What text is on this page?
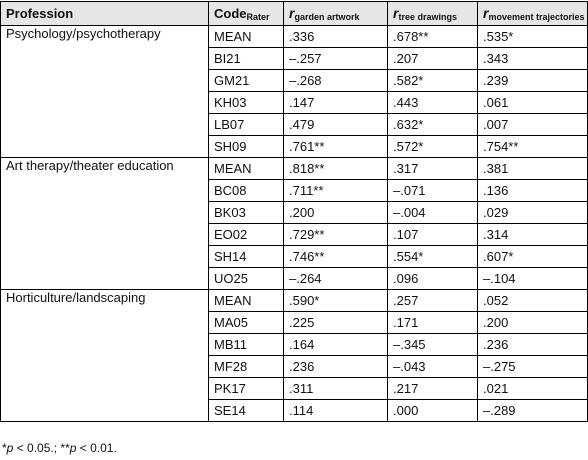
Profession	Code$_{Rater}$	$r_{garden artwork}$	$r_{tree drawings}$	$r_{movement trajectories}$
Psychology/psychotherapy	MEAN	.336	.678**	.535*
	BI21	–.257	.207	.343
	GM21	–.268	.582*	.239
	KH03	.147	.443	.061
	LB07	.479	.632*	.007
	SH09	.761**	.572*	.754**
Art therapy/theater education	MEAN	.818**	.317	.381
	BC08	.711**	–.071	.136
	BK03	.200	–.004	.029
	EO02	.729**	.107	.314
	SH14	.746**	.554*	.607*
	UO25	–.264	.096	–.104
Horticulture/landscaping	MEAN	.590*	.257	.052
	MA05	.225	.171	.200
	MB11	.164	–.345	.236
	MF28	.236	–.043	–.275
	PK17	.311	.217	.021
	SE14	.114	.000	–.289
*p < 0.05.; **p < 0.01.
